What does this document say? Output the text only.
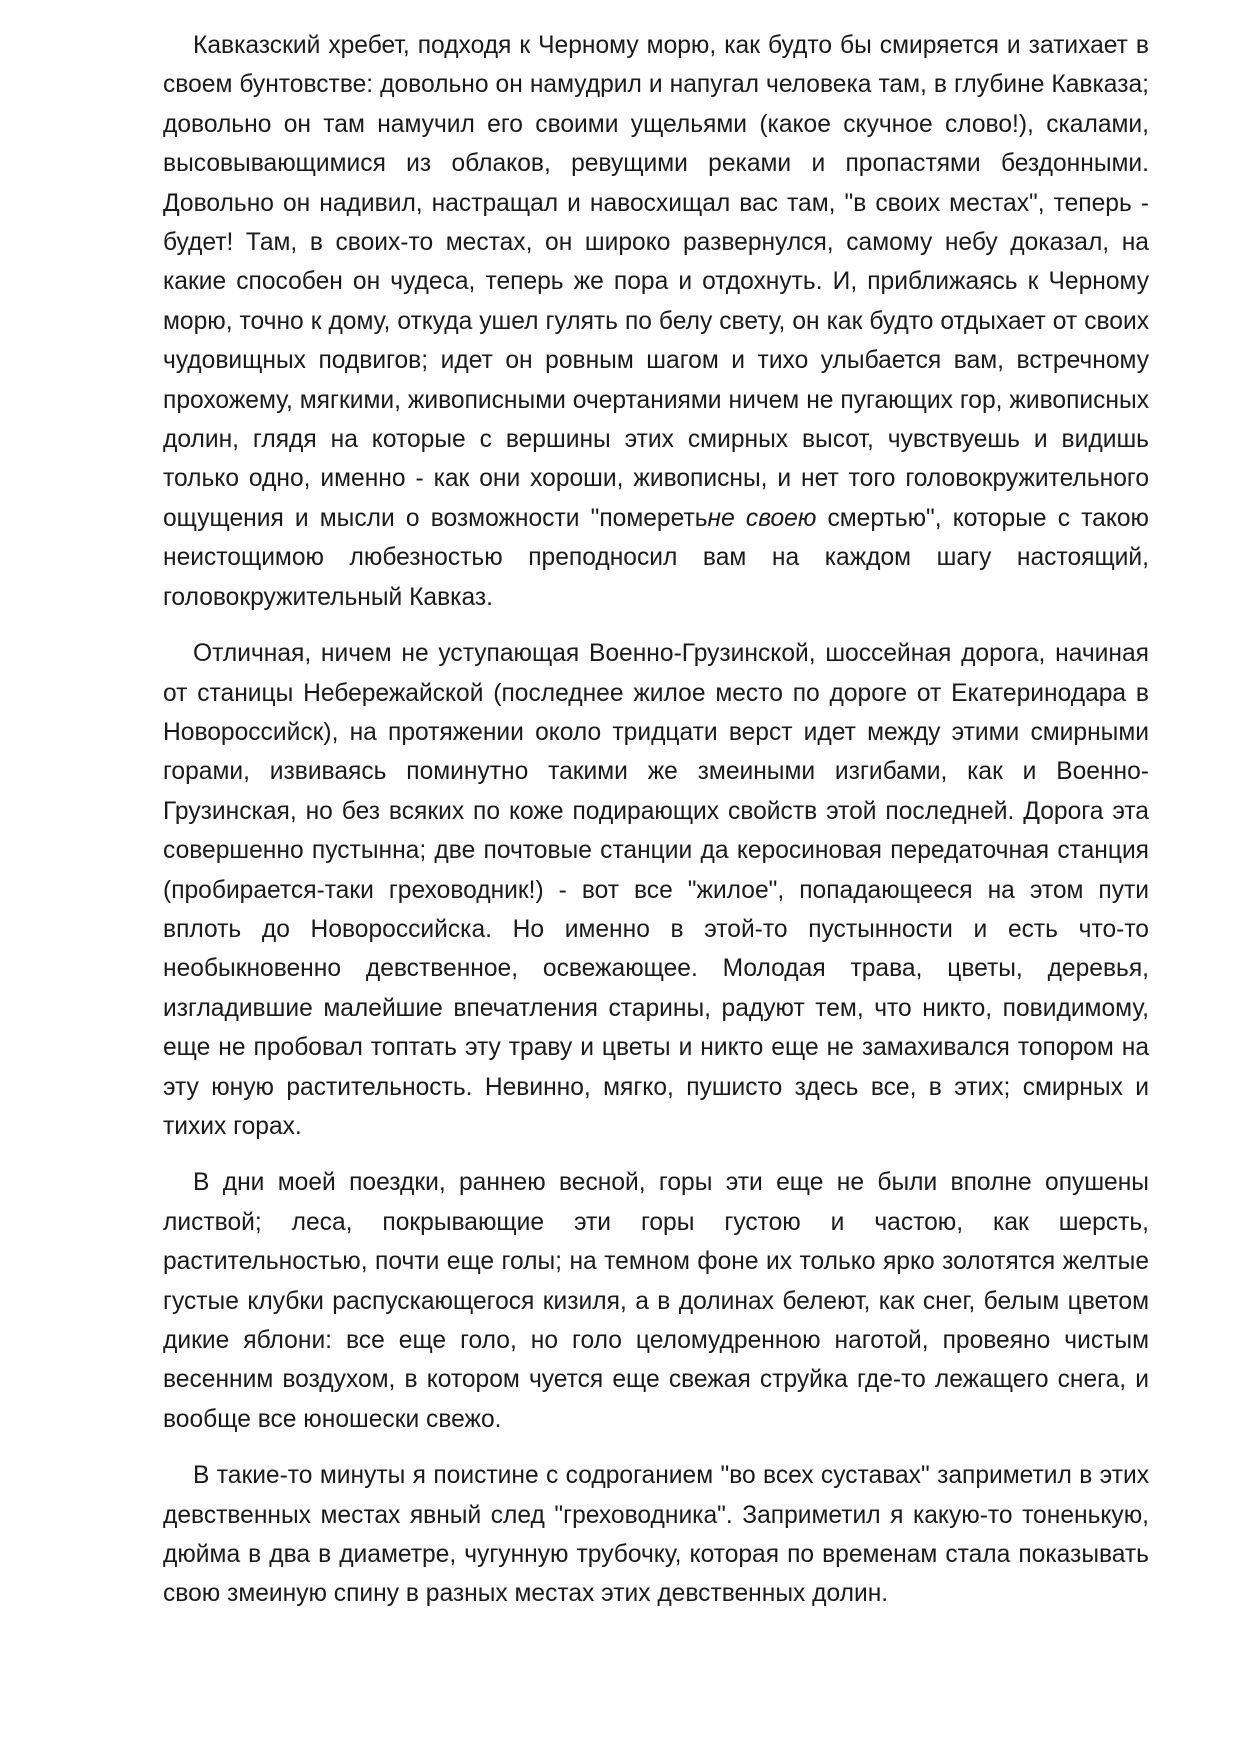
Кавказский хребет, подходя к Черному морю, как будто бы смиряется и затихает в своем бунтовстве: довольно он намудрил и напугал человека там, в глубине Кавказа; довольно он там намучил его своими ущельями (какое скучное слово!), скалами, высовывающимися из облаков, ревущими реками и пропастями бездонными. Довольно он надивил, настращал и навосхищал вас там, "в своих местах", теперь - будет! Там, в своих-то местах, он широко развернулся, самому небу доказал, на какие способен он чудеса, теперь же пора и отдохнуть. И, приближаясь к Черному морю, точно к дому, откуда ушел гулять по белу свету, он как будто отдыхает от своих чудовищных подвигов; идет он ровным шагом и тихо улыбается вам, встречному прохожему, мягкими, живописными очертаниями ничем не пугающих гор, живописных долин, глядя на которые с вершины этих смирных высот, чувствуешь и видишь только одно, именно - как они хороши, живописны, и нет того головокружительного ощущения и мысли о возможности "померетьне своею смертью", которые с такою неистощимою любезностью преподносил вам на каждом шагу настоящий, головокружительный Кавказ.

Отличная, ничем не уступающая Военно-Грузинской, шоссейная дорога, начиная от станицы Небережайской (последнее жилое место по дороге от Екатеринодара в Новороссийск), на протяжении около тридцати верст идет между этими смирными горами, извиваясь поминутно такими же змеиными изгибами, как и Военно-Грузинская, но без всяких по коже подирающих свойств этой последней. Дорога эта совершенно пустынна; две почтовые станции да керосиновая передаточная станция (пробирается-таки греховодник!) - вот все "жилое", попадающееся на этом пути вплоть до Новороссийска. Но именно в этой-то пустынности и есть что-то необыкновенно девственное, освежающее. Молодая трава, цветы, деревья, изгладившие малейшие впечатления старины, радуют тем, что никто, повидимому, еще не пробовал топтать эту траву и цветы и никто еще не замахивался топором на эту юную растительность. Невинно, мягко, пушисто здесь все, в этих; смирных и тихих горах.

В дни моей поездки, раннею весной, горы эти еще не были вполне опушены листвой; леса, покрывающие эти горы густою и частою, как шерсть, растительностью, почти еще голы; на темном фоне их только ярко золотятся желтые густые клубки распускающегося кизиля, а в долинах белеют, как снег, белым цветом дикие яблони: все еще голо, но голо целомудренною наготой, провеяно чистым весенним воздухом, в котором чуется еще свежая струйка где-то лежащего снега, и вообще все юношески свежо.

В такие-то минуты я поистине с содроганием "во всех суставах" заприметил в этих девственных местах явный след "греховодника". Заприметил я какую-то тоненькую, дюйма в два в диаметре, чугунную трубочку, которая по временам стала показывать свою змеиную спину в разных местах этих девственных долин.
